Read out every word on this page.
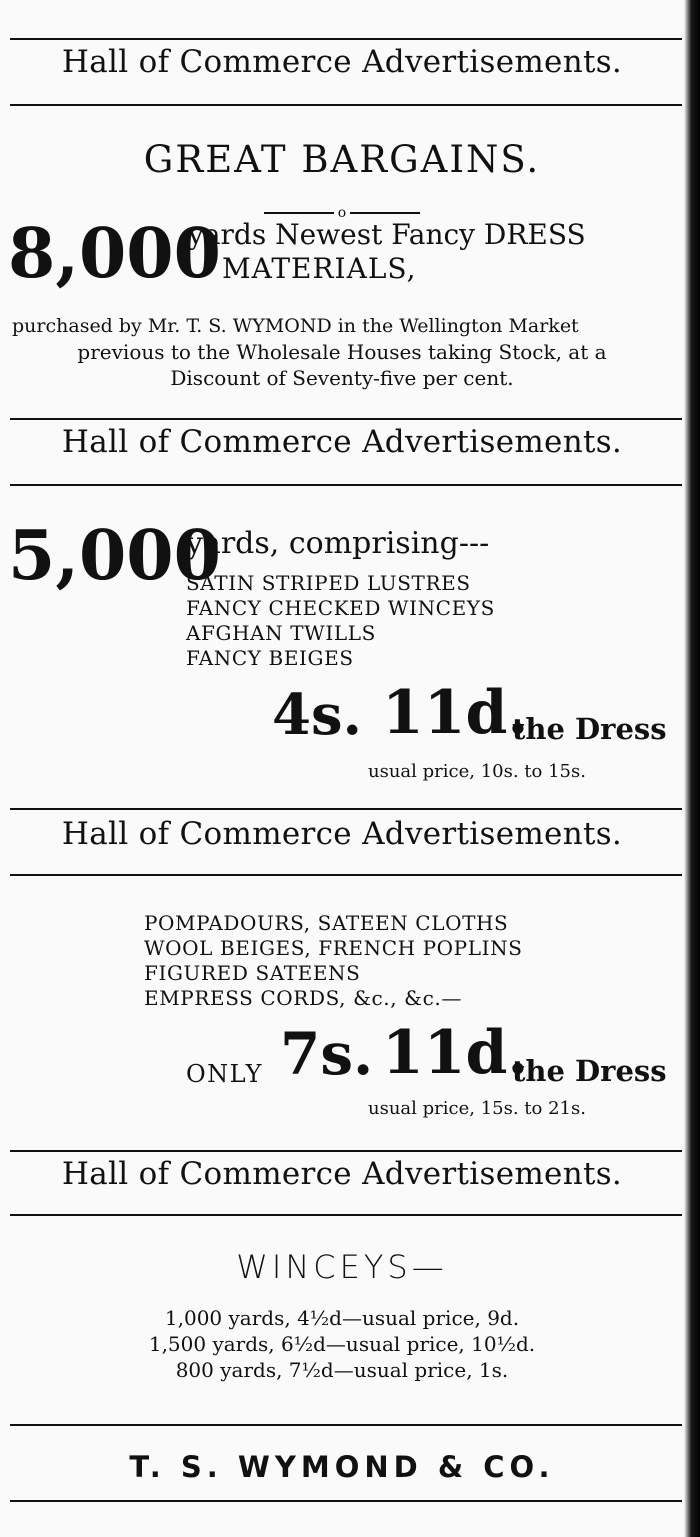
Hall of Commerce Advertisements.
GREAT BARGAINS.
o
8,000
yards Newest Fancy DRESS
MATERIALS,
purchased by Mr. T. S. WYMOND in the Wellington Market
previous to the Wholesale Houses taking Stock, at a
Discount of Seventy-five per cent.
Hall of Commerce Advertisements.
5,000
yards, comprising---
SATIN STRIPED LUSTRES
FANCY CHECKED WINCEYS
AFGHAN TWILLS
FANCY BEIGES
4s. 11d.
the Dress
usual price, 10s. to 15s.
Hall of Commerce Advertisements.
POMPADOURS, SATEEN CLOTHS
WOOL BEIGES, FRENCH POPLINS
FIGURED SATEENS
EMPRESS CORDS, &c., &c.—
ONLY 7s. 11d.
the Dress
usual price, 15s. to 21s.
Hall of Commerce Advertisements.
WINCEYS—
1,000 yards, 4½d—usual price, 9d.
1,500 yards, 6½d—usual price, 10½d.
800 yards, 7½d—usual price, 1s.
T. S. WYMOND & CO.
